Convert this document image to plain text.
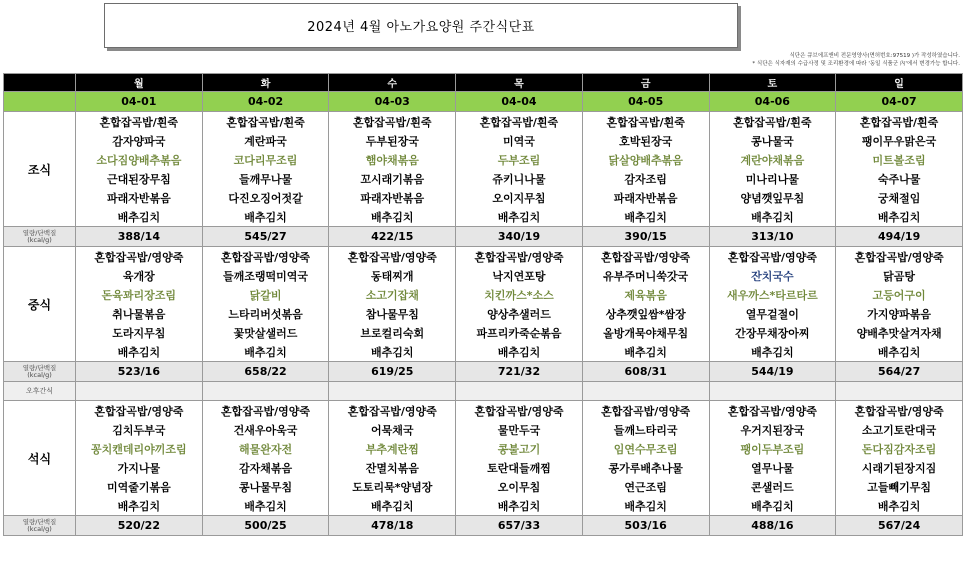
2024년 4월 아노가요양원 주간식단표
식단은 큐브에프앤비 전문영양사(면허번호:97519 )가 작성하였습니다.
* 식단은 식자재의 수급사정 및 조리환경에 따라 '동일 식품군 內'에서 변경가능 합니다.
	월	화	수	목	금	토	일
	04-01	04-02	04-03	04-04	04-05	04-06	04-07
조식	혼합잡곡밥/흰죽	혼합잡곡밥/흰죽	혼합잡곡밥/흰죽	혼합잡곡밥/흰죽	혼합잡곡밥/흰죽	혼합잡곡밥/흰죽	혼합잡곡밥/흰죽
	감자양파국	계란파국	두부된장국	미역국	호박된장국	콩나물국	팽이무우맑은국
	소다짐양배추볶음	코다리무조림	햄야채볶음	두부조림	닭살양배추볶음	계란야채볶음	미트볼조림
	근대된장무침	들깨무나물	꼬시래기볶음	쥬키니나물	감자조림	미나리나물	숙주나물
	파래자반볶음	다진오징어젓갈	파래자반볶음	오이지무침	파래자반볶음	양념깻잎무침	궁채절임
	배추김치	배추김치	배추김치	배추김치	배추김치	배추김치	배추김치

열량/단백질
(kcal/g)	388/14	545/27	422/15	340/19	390/15	313/10	494/19
중식	혼합잡곡밥/영양죽	혼합잡곡밥/영양죽	혼합잡곡밥/영양죽	혼합잡곡밥/영양죽	혼합잡곡밥/영양죽	혼합잡곡밥/영양죽	혼합잡곡밥/영양죽
	육개장	들깨조랭떡미역국	동태찌개	낙지연포탕	유부주머니쑥갓국	잔치국수	닭곰탕
	돈육꽈리장조림	닭갈비	소고기잡채	치킨까스*소스	제육볶음	새우까스*타르타르	고등어구이
	취나물볶음	느타리버섯볶음	참나물무침	양상추샐러드	상추깻잎쌈*쌈장	열무겉절이	가지양파볶음
	도라지무침	꽃맛살샐러드	브로컬리숙회	파프리카죽순볶음	올방개묵야채무침	간장무채장아찌	양배추맛살겨자채
	배추김치	배추김치	배추김치	배추김치	배추김치	배추김치	배추김치

열량/단백질
(kcal/g)	523/16	658/22	619/25	721/32	608/31	544/19	564/27
오후간식							
석식	혼합잡곡밥/영양죽	혼합잡곡밥/영양죽	혼합잡곡밥/영양죽	혼합잡곡밥/영양죽	혼합잡곡밥/영양죽	혼합잡곡밥/영양죽	혼합잡곡밥/영양죽
	김치두부국	건새우아욱국	어묵채국	물만두국	들깨느타리국	우거지된장국	소고기토란대국
	꽁치캔데리야끼조림	해물완자전	부추계란찜	콩불고기	임연수무조림	팽이두부조림	돈다짐감자조림
	가지나물	감자채볶음	잔멸치볶음	토란대들깨찜	콩가루배추나물	열무나물	시래기된장지짐
	미역줄기볶음	콩나물무침	도토리묵*양념장	오이무침	연근조림	콘샐러드	고들빼기무침
	배추김치	배추김치	배추김치	배추김치	배추김치	배추김치	배추김치

열량/단백질
(kcal/g)	520/22	500/25	478/18	657/33	503/16	488/16	567/24
